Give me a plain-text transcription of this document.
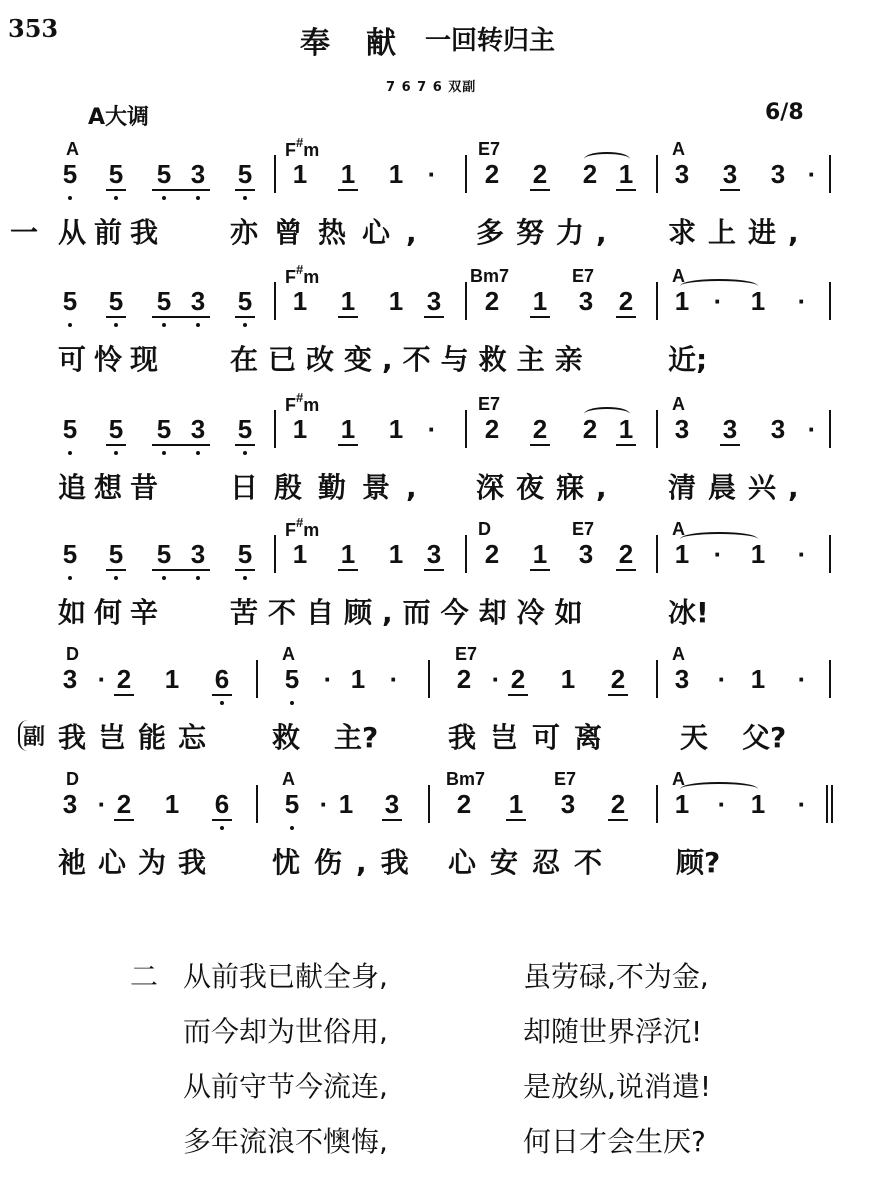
353	奉 献 一回转归主
7 6 7 6 双副
A大调	6/8
A	F#m	E7	A
5 5 5 3 5 1 1 1 · 2 2 2 1 3 3 3 ·
一 从前我 亦曾热心, 多努力, 求上进,
F#m	Bm7	E7	A
5 5 5 3 5 1 1 1 3 2 1 3 2 1 · 1 ·
可怜现 在已改变,不与救主亲	近;
F#m	E7	A
5 5 5 3 5 1 1 1 · 2 2 2 1 3 3 3 ·
追想昔 日殷勤景, 深夜寐, 清晨兴,
F#m	D	E7	A
5 5 5 3 5 1 1 1 3 2 1 3 2 1 · 1 ·
如何辛 苦不自顾,而今却冷如	冰!
D	A	E7	A
3 · 2 1 6 5 · 1 · 2 · 2 1 2 3 · 1 ·
副 我岂能忘 救 主? 我岂可离 天 父?
D	A	Bm7	E7	A
3 · 2 1 6 5 · 1 3 2 1 3 2 1 · 1 ·
祂心为我 忧伤,我 心安忍不 顾?
二 从前我已献全身,	虽劳碌,不为金,
而今却为世俗用,	却随世界浮沉!
从前守节今流连,	是放纵,说消遣!
多年流浪不懊悔,	何日才会生厌?
